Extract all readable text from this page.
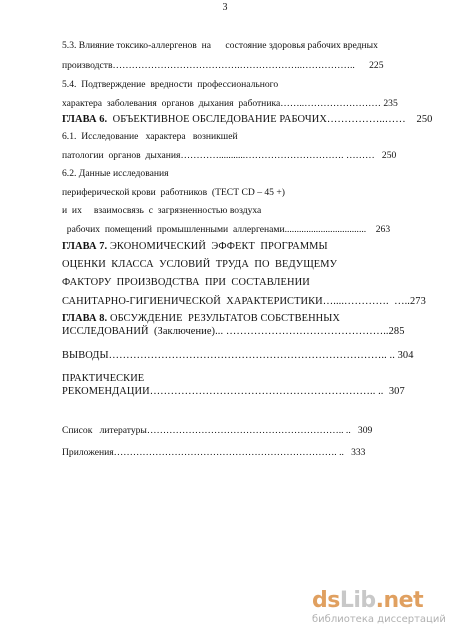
3
5.3. Влияние токсико-аллергенов  на      состояние здоровья рабочих вредных
производств………………………………….………………..……………..      225
5.4.  Подтверждение  вредности  профессионального
характера  заболевания  органов  дыхания  работника……..…………………… 235
ГЛАВА 6.  ОБЪЕКТИВНОЕ ОБСЛЕДОВАНИЕ РАБОЧИХ……………..……    250
6.1.  Исследование   характера   возникшей
патологии  органов  дыхания…………...........…………………………. ………   250
6.2. Данные исследования
периферической крови  работников  (ТЕСТ CD – 45 +)
и  их     взаимосвязь  с  загрязненностью воздуха
рабочих  помещений  промышленными  аллергенами..................................    263
ГЛАВА 7. ЭКОНОМИЧЕСКИЙ  ЭФФЕКТ  ПРОГРАММЫ
ОЦЕНКИ  КЛАССА  УСЛОВИЙ  ТРУДА  ПО  ВЕДУЩЕМУ
ФАКТОРУ  ПРОИЗВОДСТВА  ПРИ  СОСТАВЛЕНИИ
САНИТАРНО-ГИГИЕНИЧЕСКОЙ  ХАРАКТЕРИСТИКИ…....………….  …..273
ГЛАВА 8. ОБСУЖДЕНИЕ  РЕЗУЛЬТАТОВ СОБСТВЕННЫХ
ИССЛЕДОВАНИЙ  (Заключение)... ………………………………………..285
ВЫВОДЫ…………………………………………………………………….. .. 304
ПРАКТИЧЕСКИЕ
РЕКОМЕНДАЦИИ……………………………………………………….. ..  307
Список   литературы…………………………………………………….. ..   309
Приложения……………………………………………………………. ..   333
dsLib.net
библиотека диссертаций
